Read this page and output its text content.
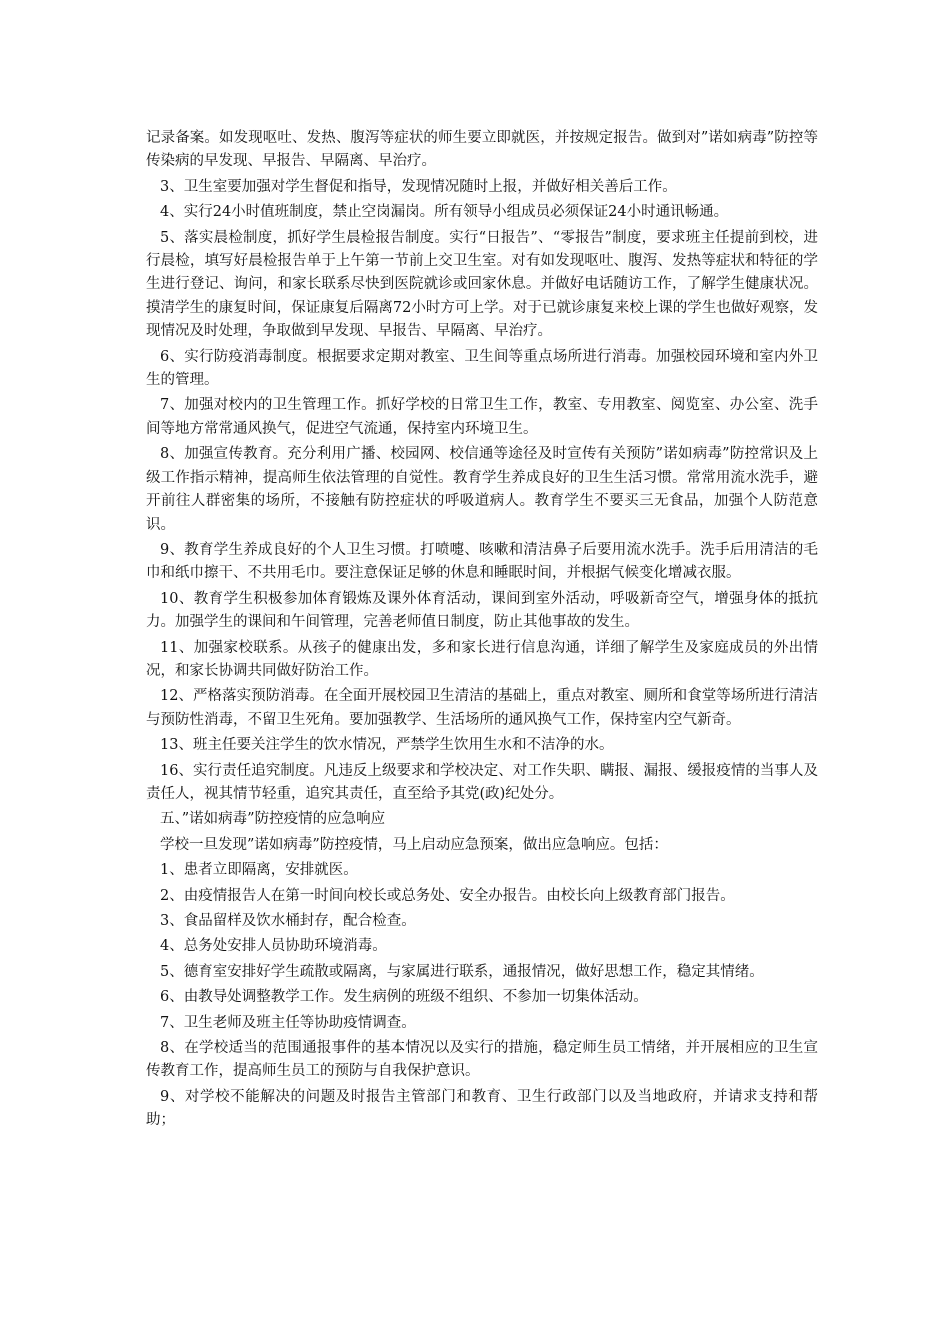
记录备案。如发现呕吐、发热、腹泻等症状的师生要立即就医，并按规定报告。做到对”诺如病毒”防控等传染病的早发现、早报告、早隔离、早治疗。

3、卫生室要加强对学生督促和指导，发现情况随时上报，并做好相关善后工作。

4、实行24小时值班制度，禁止空岗漏岗。所有领导小组成员必须保证24小时通讯畅通。

5、落实晨检制度，抓好学生晨检报告制度。实行“日报告”、“零报告”制度，要求班主任提前到校，进行晨检，填写好晨检报告单于上午第一节前上交卫生室。对有如发现呕吐、腹泻、发热等症状和特征的学生进行登记、询问，和家长联系尽快到医院就诊或回家休息。并做好电话随访工作，了解学生健康状况。摸清学生的康复时间，保证康复后隔离72小时方可上学。对于已就诊康复来校上课的学生也做好观察，发现情况及时处理，争取做到早发现、早报告、早隔离、早治疗。

6、实行防疫消毒制度。根据要求定期对教室、卫生间等重点场所进行消毒。加强校园环境和室内外卫生的管理。

7、加强对校内的卫生管理工作。抓好学校的日常卫生工作，教室、专用教室、阅览室、办公室、洗手间等地方常常通风换气，促进空气流通，保持室内环境卫生。

8、加强宣传教育。充分利用广播、校园网、校信通等途径及时宣传有关预防”诺如病毒”防控常识及上级工作指示精神，提高师生依法管理的自觉性。教育学生养成良好的卫生生活习惯。常常用流水洗手，避开前往人群密集的场所，不接触有防控症状的呼吸道病人。教育学生不要买三无食品，加强个人防范意识。

9、教育学生养成良好的个人卫生习惯。打喷嚏、咳嗽和清洁鼻子后要用流水洗手。洗手后用清洁的毛巾和纸巾擦干、不共用毛巾。要注意保证足够的休息和睡眠时间，并根据气候变化增减衣服。

10、教育学生积极参加体育锻炼及课外体育活动，课间到室外活动，呼吸新奇空气，增强身体的抵抗力。加强学生的课间和午间管理，完善老师值日制度，防止其他事故的发生。

11、加强家校联系。从孩子的健康出发，多和家长进行信息沟通，详细了解学生及家庭成员的外出情况，和家长协调共同做好防治工作。

12、严格落实预防消毒。在全面开展校园卫生清洁的基础上，重点对教室、厕所和食堂等场所进行清洁与预防性消毒，不留卫生死角。要加强教学、生活场所的通风换气工作，保持室内空气新奇。

13、班主任要关注学生的饮水情况，严禁学生饮用生水和不洁净的水。

16、实行责任追究制度。凡违反上级要求和学校决定、对工作失职、瞒报、漏报、缓报疫情的当事人及责任人，视其情节轻重，追究其责任，直至给予其党(政)纪处分。

五、”诺如病毒”防控疫情的应急响应

学校一旦发现”诺如病毒”防控疫情，马上启动应急预案，做出应急响应。包括：

1、患者立即隔离，安排就医。

2、由疫情报告人在第一时间向校长或总务处、安全办报告。由校长向上级教育部门报告。

3、食品留样及饮水桶封存，配合检查。

4、总务处安排人员协助环境消毒。

5、德育室安排好学生疏散或隔离，与家属进行联系，通报情况，做好思想工作，稳定其情绪。

6、由教导处调整教学工作。发生病例的班级不组织、不参加一切集体活动。

7、卫生老师及班主任等协助疫情调查。

8、在学校适当的范围通报事件的基本情况以及实行的措施，稳定师生员工情绪，并开展相应的卫生宣传教育工作，提高师生员工的预防与自我保护意识。

9、对学校不能解决的问题及时报告主管部门和教育、卫生行政部门以及当地政府，并请求支持和帮助；
